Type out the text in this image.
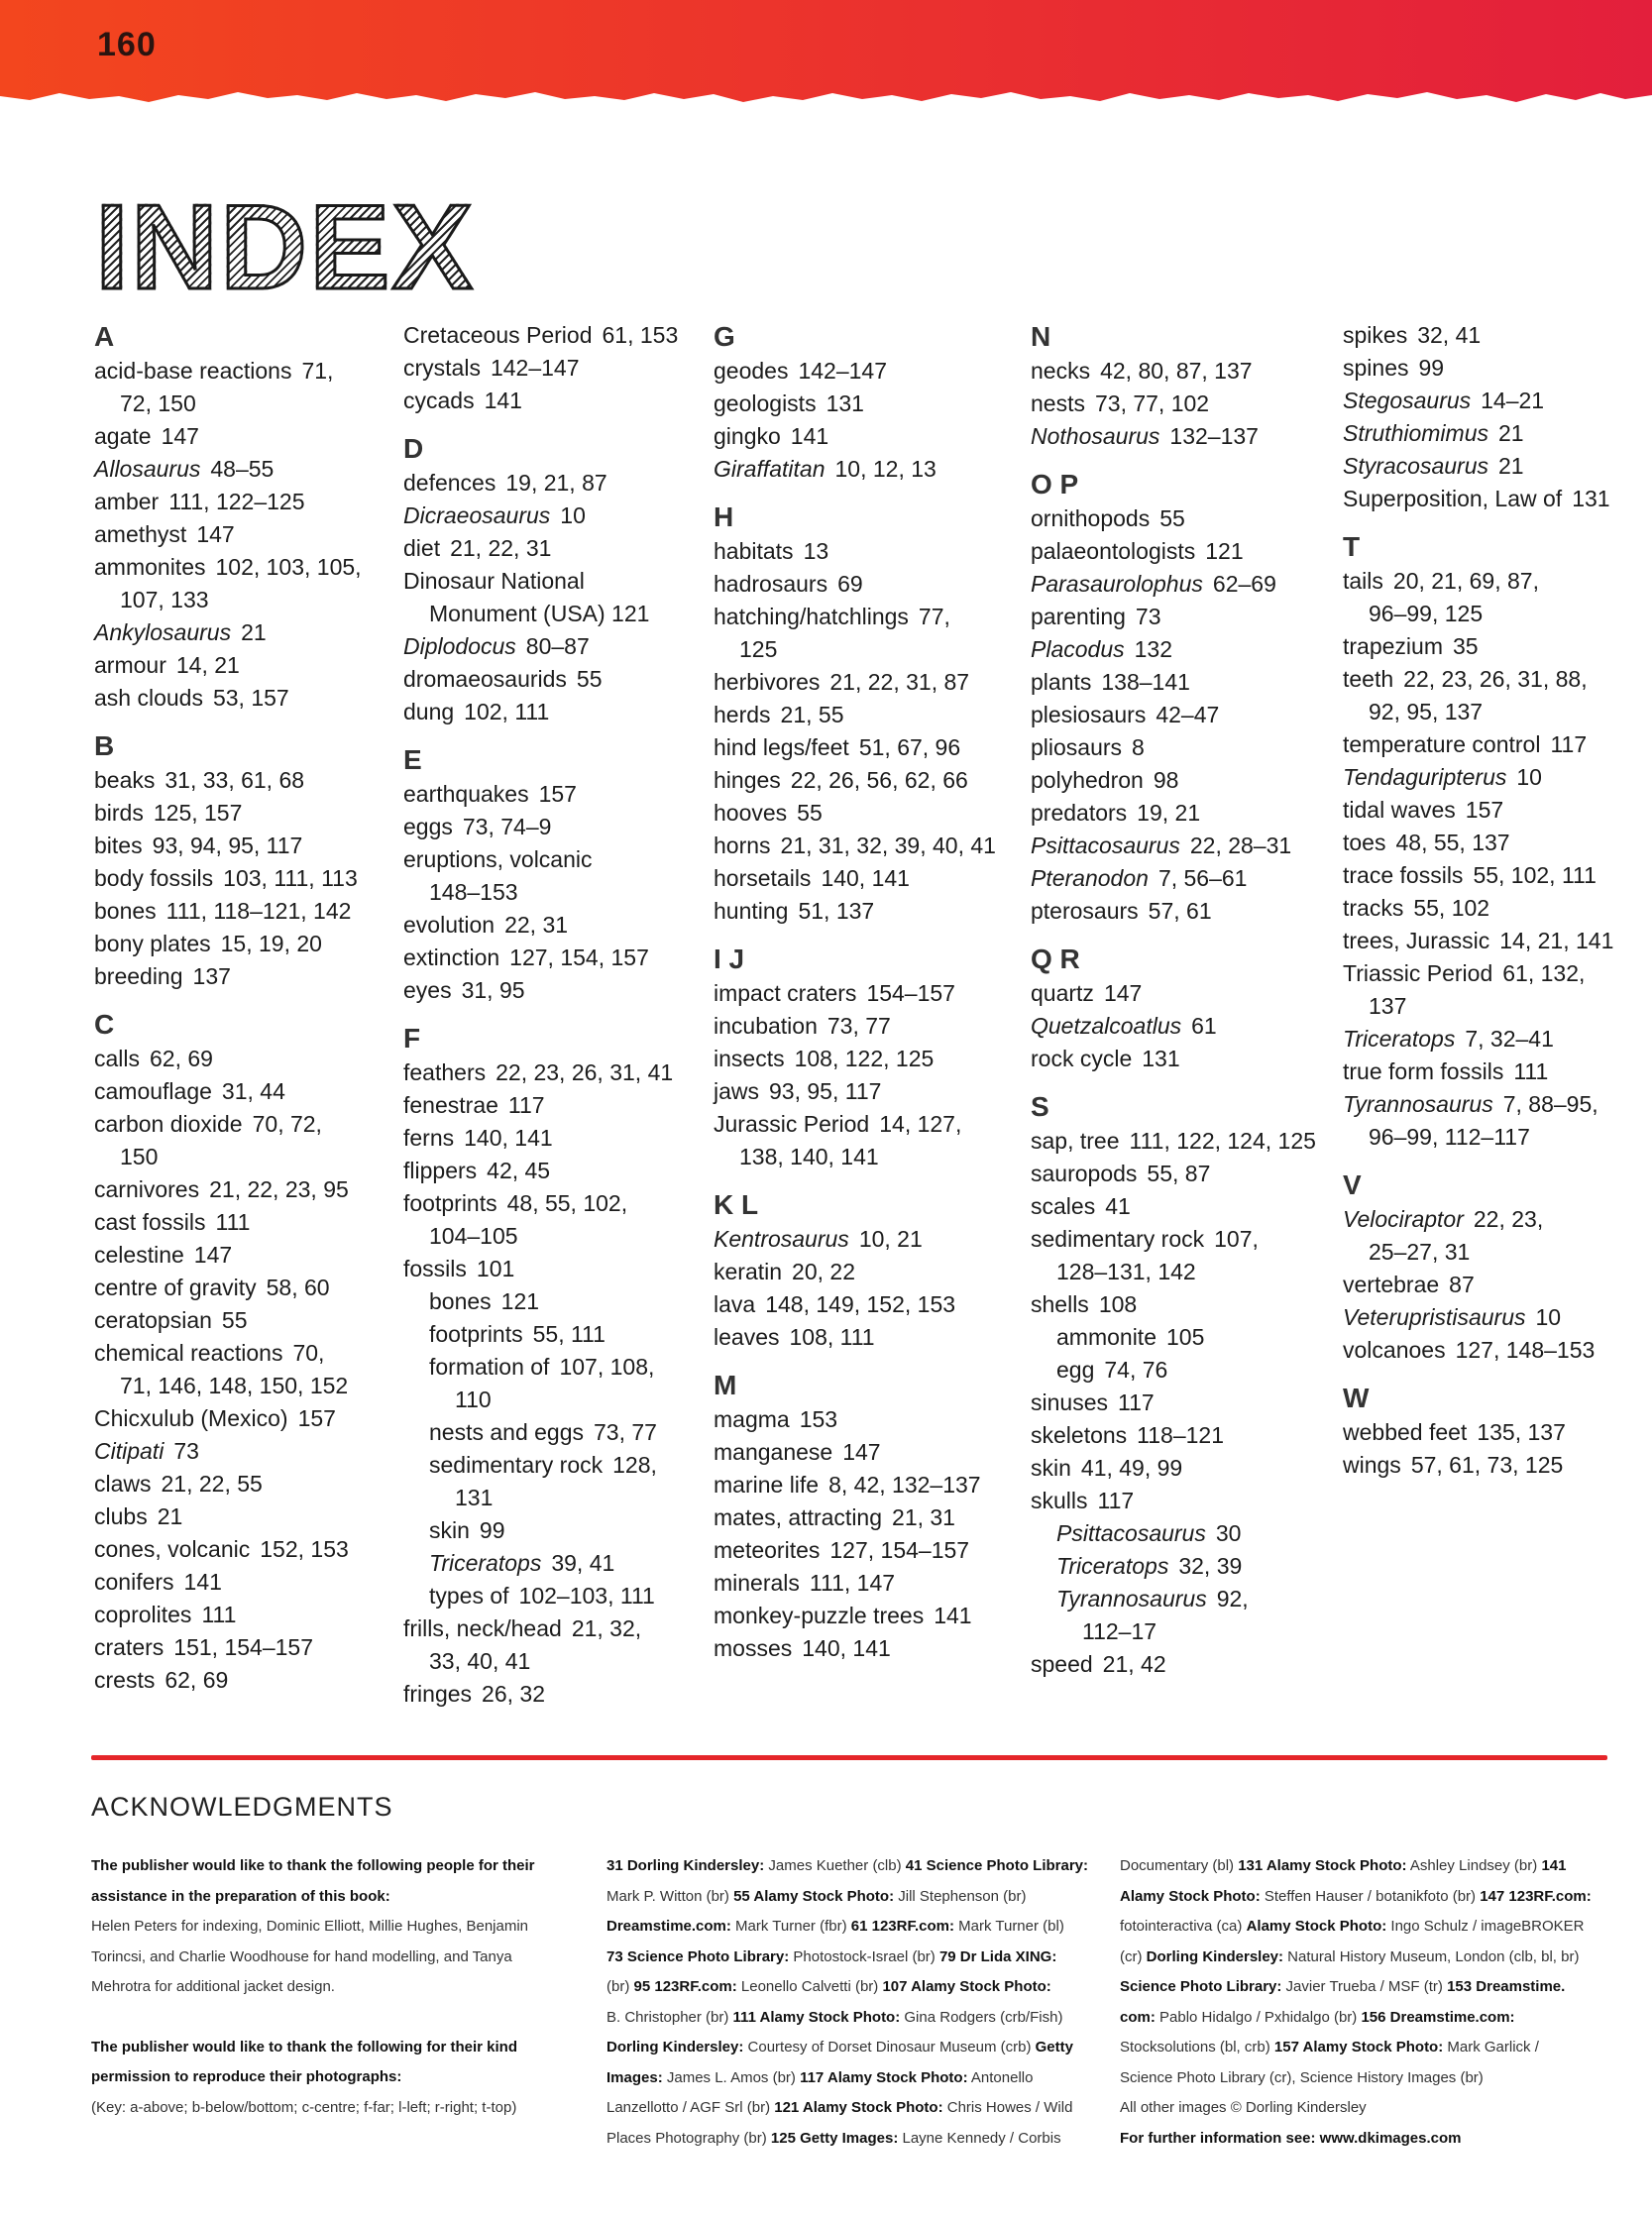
160
INDEX
A
acid-base reactions 71,
72, 150
agate 147
Allosaurus 48–55
amber 111, 122–125
amethyst 147
ammonites 102, 103, 105,
107, 133
Ankylosaurus 21
armour 14, 21
ash clouds 53, 157
B
beaks 31, 33, 61, 68
birds 125, 157
bites 93, 94, 95, 117
body fossils 103, 111, 113
bones 111, 118–121, 142
bony plates 15, 19, 20
breeding 137
C
calls 62, 69
camouflage 31, 44
carbon dioxide 70, 72,
150
carnivores 21, 22, 23, 95
cast fossils 111
celestine 147
centre of gravity 58, 60
ceratopsian 55
chemical reactions 70,
71, 146, 148, 150, 152
Chicxulub (Mexico) 157
Citipati 73
claws 21, 22, 55
clubs 21
cones, volcanic 152, 153
conifers 141
coprolites 111
craters 151, 154–157
crests 62, 69
Cretaceous Period 61, 153
crystals 142–147
cycads 141
D
defences 19, 21, 87
Dicraeosaurus 10
diet 21, 22, 31
Dinosaur National
Monument (USA) 121
Diplodocus 80–87
dromaeosaurids 55
dung 102, 111
E
earthquakes 157
eggs 73, 74–9
eruptions, volcanic
148–153
evolution 22, 31
extinction 127, 154, 157
eyes 31, 95
F
feathers 22, 23, 26, 31, 41
fenestrae 117
ferns 140, 141
flippers 42, 45
footprints 48, 55, 102,
104–105
fossils 101
bones 121
footprints 55, 111
formation of 107, 108,
110
nests and eggs 73, 77
sedimentary rock 128,
131
skin 99
Triceratops 39, 41
types of 102–103, 111
frills, neck/head 21, 32,
33, 40, 41
fringes 26, 32
G
geodes 142–147
geologists 131
gingko 141
Giraffatitan 10, 12, 13
H
habitats 13
hadrosaurs 69
hatching/hatchlings 77,
125
herbivores 21, 22, 31, 87
herds 21, 55
hind legs/feet 51, 67, 96
hinges 22, 26, 56, 62, 66
hooves 55
horns 21, 31, 32, 39, 40, 41
horsetails 140, 141
hunting 51, 137
I J
impact craters 154–157
incubation 73, 77
insects 108, 122, 125
jaws 93, 95, 117
Jurassic Period 14, 127,
138, 140, 141
K L
Kentrosaurus 10, 21
keratin 20, 22
lava 148, 149, 152, 153
leaves 108, 111
M
magma 153
manganese 147
marine life 8, 42, 132–137
mates, attracting 21, 31
meteorites 127, 154–157
minerals 111, 147
monkey-puzzle trees 141
mosses 140, 141
N
necks 42, 80, 87, 137
nests 73, 77, 102
Nothosaurus 132–137
O P
ornithopods 55
palaeontologists 121
Parasaurolophus 62–69
parenting 73
Placodus 132
plants 138–141
plesiosaurs 42–47
pliosaurs 8
polyhedron 98
predators 19, 21
Psittacosaurus 22, 28–31
Pteranodon 7, 56–61
pterosaurs 57, 61
Q R
quartz 147
Quetzalcoatlus 61
rock cycle 131
S
sap, tree 111, 122, 124, 125
sauropods 55, 87
scales 41
sedimentary rock 107,
128–131, 142
shells 108
ammonite 105
egg 74, 76
sinuses 117
skeletons 118–121
skin 41, 49, 99
skulls 117
Psittacosaurus 30
Triceratops 32, 39
Tyrannosaurus 92,
112–17
speed 21, 42
spikes 32, 41
spines 99
Stegosaurus 14–21
Struthiomimus 21
Styracosaurus 21
Superposition, Law of 131
T
tails 20, 21, 69, 87,
96–99, 125
trapezium 35
teeth 22, 23, 26, 31, 88,
92, 95, 137
temperature control 117
Tendaguripterus 10
tidal waves 157
toes 48, 55, 137
trace fossils 55, 102, 111
tracks 55, 102
trees, Jurassic 14, 21, 141
Triassic Period 61, 132,
137
Triceratops 7, 32–41
true form fossils 111
Tyrannosaurus 7, 88–95,
96–99, 112–117
V
Velociraptor 22, 23,
25–27, 31
vertebrae 87
Veterupristisaurus 10
volcanoes 127, 148–153
W
webbed feet 135, 137
wings 57, 61, 73, 125
ACKNOWLEDGMENTS
The publisher would like to thank the following people for their
assistance in the preparation of this book:
Helen Peters for indexing, Dominic Elliott, Millie Hughes, Benjamin
Torincsi, and Charlie Woodhouse for hand modelling, and Tanya
Mehrotra for additional jacket design.
The publisher would like to thank the following for their kind
permission to reproduce their photographs:
(Key: a-above; b-below/bottom; c-centre; f-far; l-left; r-right; t-top)
31 Dorling Kindersley: James Kuether (clb) 41 Science Photo Library:
Mark P. Witton (br) 55 Alamy Stock Photo: Jill Stephenson (br)
Dreamstime.com: Mark Turner (fbr) 61 123RF.com: Mark Turner (bl)
73 Science Photo Library: Photostock-Israel (br) 79 Dr Lida XING:
(br) 95 123RF.com: Leonello Calvetti (br) 107 Alamy Stock Photo:
B. Christopher (br) 111 Alamy Stock Photo: Gina Rodgers (crb/Fish)
Dorling Kindersley: Courtesy of Dorset Dinosaur Museum (crb) Getty
Images: James L. Amos (br) 117 Alamy Stock Photo: Antonello
Lanzellotto / AGF Srl (br) 121 Alamy Stock Photo: Chris Howes / Wild
Places Photography (br) 125 Getty Images: Layne Kennedy / Corbis
Documentary (bl) 131 Alamy Stock Photo: Ashley Lindsey (br) 141
Alamy Stock Photo: Steffen Hauser / botanikfoto (br) 147 123RF.com:
fotointeractiva (ca) Alamy Stock Photo: Ingo Schulz / imageBROKER
(cr) Dorling Kindersley: Natural History Museum, London (clb, bl, br)
Science Photo Library: Javier Trueba / MSF (tr) 153 Dreamstime.
com: Pablo Hidalgo / Pxhidalgo (br) 156 Dreamstime.com:
Stocksolutions (bl, crb) 157 Alamy Stock Photo: Mark Garlick /
Science Photo Library (cr), Science History Images (br)
All other images © Dorling Kindersley
For further information see: www.dkimages.com
